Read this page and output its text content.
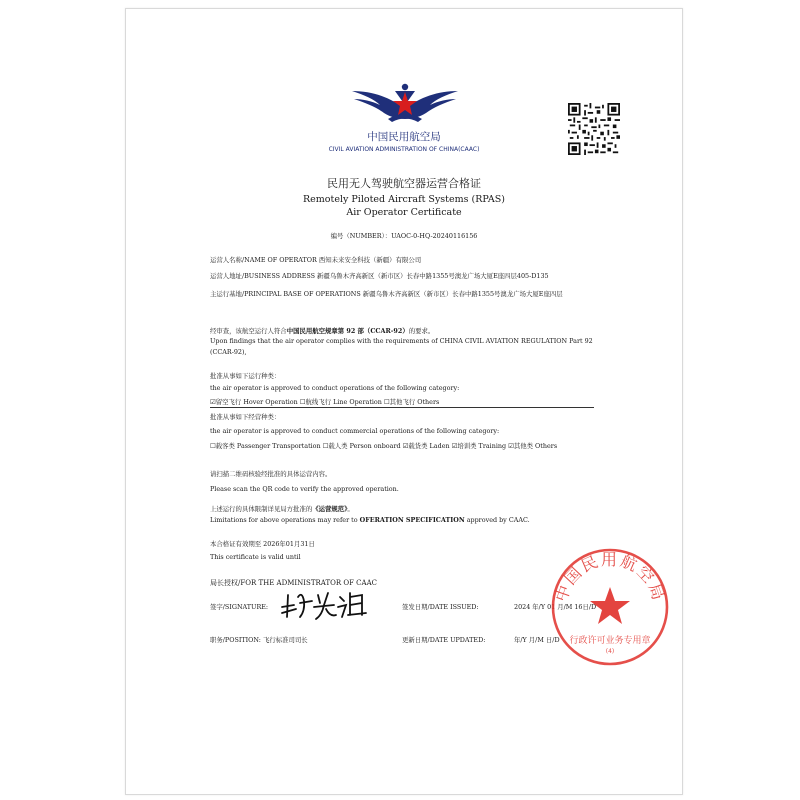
中国民用航空局
CIVIL AVIATION ADMINISTRATION OF CHINA(CAAC)
民用无人驾驶航空器运营合格证
Remotely Piloted Aircraft Systems (RPAS)
Air Operator Certificate
编号（NUMBER）：UAOC-0-HQ-20240116156
运营人名称/NAME OF OPERATOR 西知未来安全科技（新疆）有限公司
运营人地址/BUSINESS ADDRESS 新疆乌鲁木齐高新区（新市区）长春中路1355号澳龙广场大厦E座四层405-D135
主运行基地/PRINCIPAL BASE OF OPERATIONS 新疆乌鲁木齐高新区（新市区）长春中路1355号澳龙广场大厦E座四层
经审查，该航空运行人符合中国民用航空规章第 92 部（CCAR-92）的要求。
Upon findings that the air operator complies with the requirements of CHINA CIVIL AVIATION REGULATION Part 92
(CCAR-92),
批准从事如下运行种类：
the air operator is approved to conduct operations of the following category:
☑留空飞行 Hover Operation ☐航线飞行 Line Operation ☐其他飞行 Others
批准从事如下经营种类：
the air operator is approved to conduct commercial operations of the following category:
☐载客类 Passenger Transportation ☐载人类 Person onboard ☑载货类 Laden ☑培训类 Training ☑其他类 Others
请扫描二维码核验经批准的具体运营内容。
Please scan the QR code to verify the approved operation.
上述运行的具体限制详见局方批准的《运营规范》。
Limitations for above operations may refer to OFERATION SPECIFICATION approved by CAAC.
本合格证有效期至 2026年01月31日
This certificate is valid until
局长授权/FOR THE ADMINISTRATOR OF CAAC
签字/SIGNATURE:	签发日期/DATE ISSUED:	2024 年/Y 01 月/M 16日/D
职务/POSITION: 飞行标准司司长	更新日期/DATE UPDATED:	年/Y 月/M 日/D
中国民用航空局
行政许可业务专用章
(4)
